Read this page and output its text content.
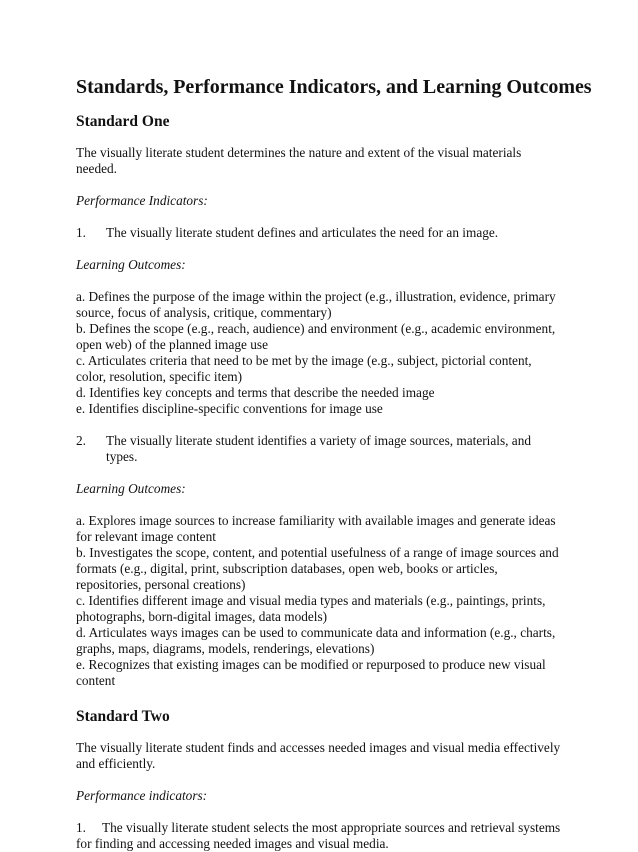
Standards, Performance Indicators, and Learning Outcomes
Standard One

The visually literate student determines the nature and extent of the visual materials needed.

Performance Indicators:

1.	The visually literate student defines and articulates the need for an image.

Learning Outcomes:

a. Defines the purpose of the image within the project (e.g., illustration, evidence, primary source, focus of analysis, critique, commentary)
b. Defines the scope (e.g., reach, audience) and environment (e.g., academic environment, open web) of the planned image use
c. Articulates criteria that need to be met by the image (e.g., subject, pictorial content, color, resolution, specific item)
d. Identifies key concepts and terms that describe the needed image
e. Identifies discipline-specific conventions for image use
2.	The visually literate student identifies a variety of image sources, materials, and types.

Learning Outcomes:

a. Explores image sources to increase familiarity with available images and generate ideas for relevant image content
b. Investigates the scope, content, and potential usefulness of a range of image sources and formats (e.g., digital, print, subscription databases, open web, books or articles, repositories, personal creations)
c. Identifies different image and visual media types and materials (e.g., paintings, prints, photographs, born-digital images, data models)
d. Articulates ways images can be used to communicate data and information (e.g., charts, graphs, maps, diagrams, models, renderings, elevations)
e. Recognizes that existing images can be modified or repurposed to produce new visual content
Standard Two

The visually literate student finds and accesses needed images and visual media effectively and efficiently.

Performance indicators:

1. The visually literate student selects the most appropriate sources and retrieval systems for finding and accessing needed images and visual media.
